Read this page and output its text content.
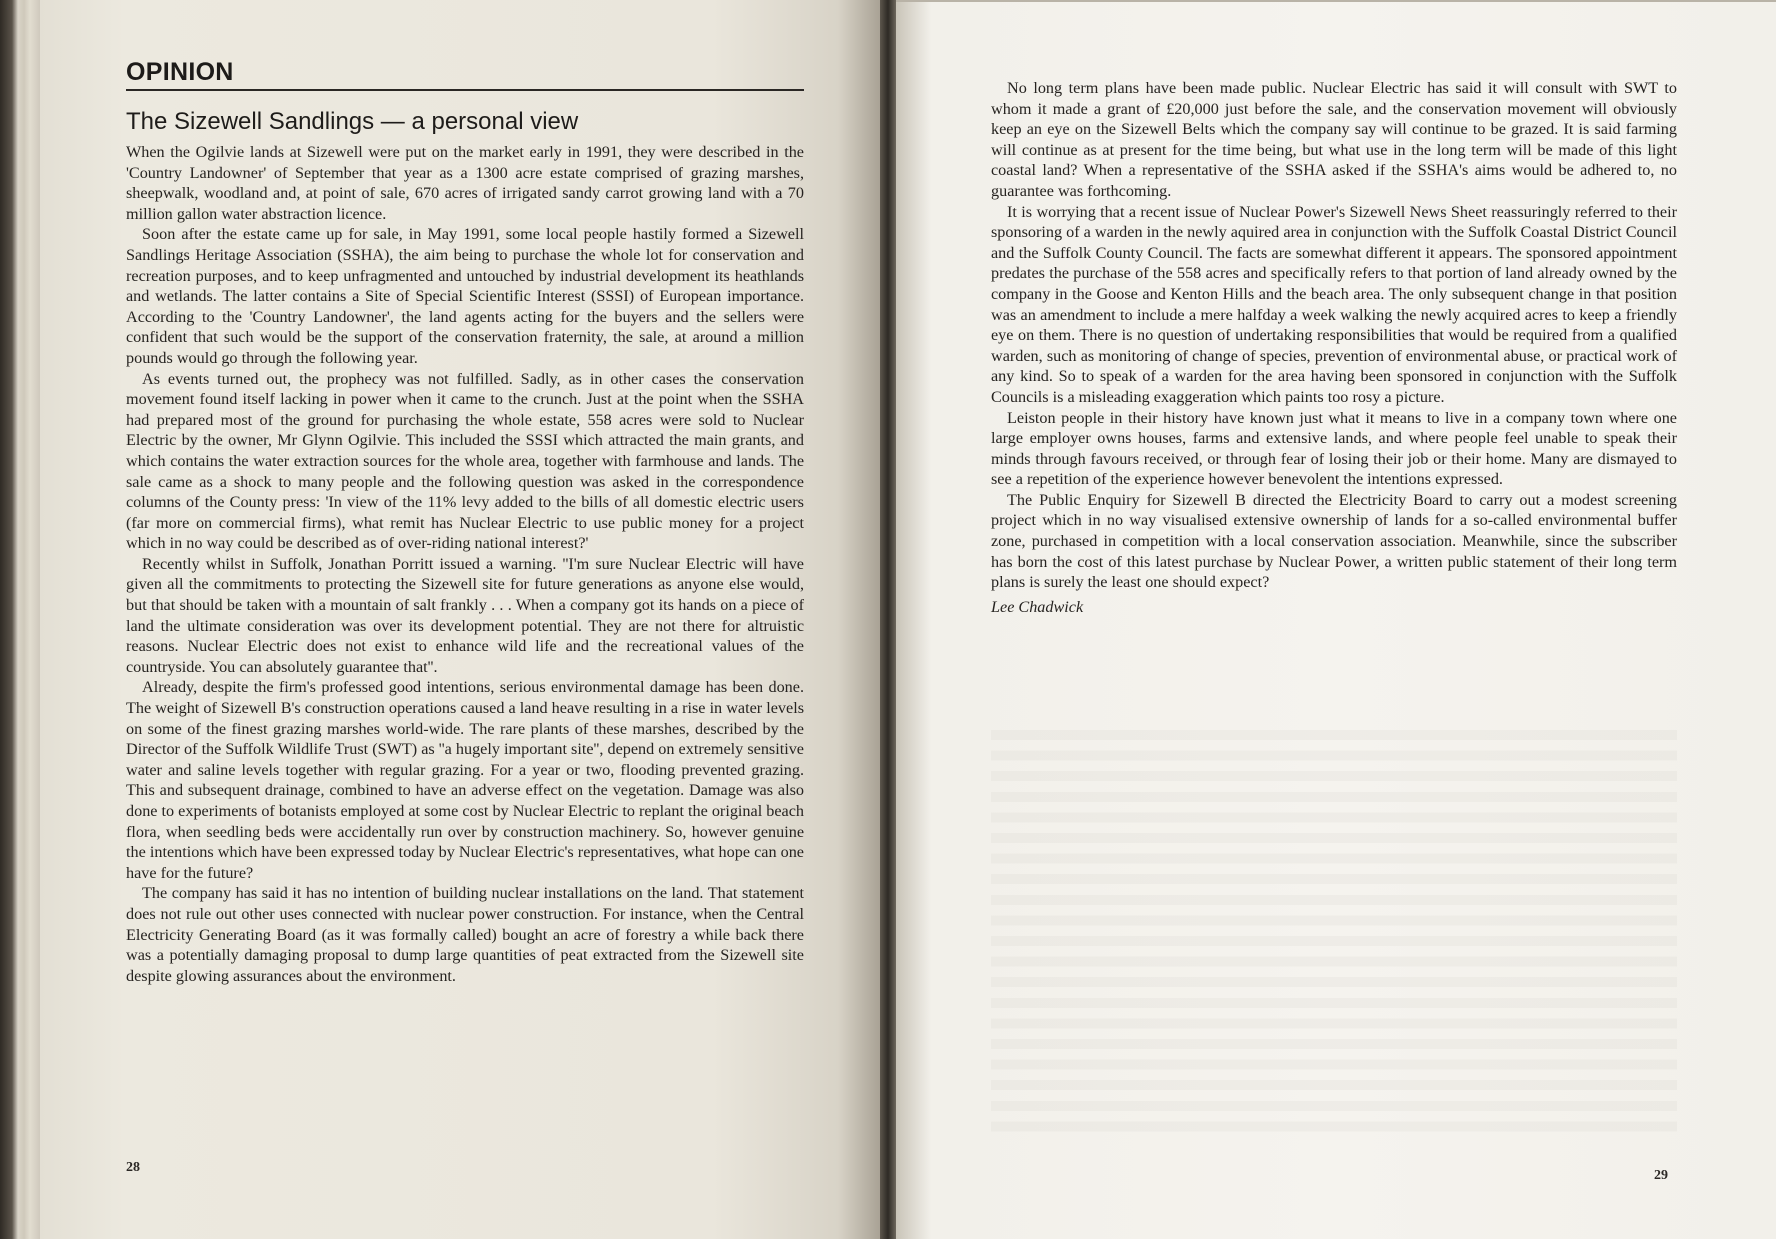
OPINION
The Sizewell Sandlings — a personal view

When the Ogilvie lands at Sizewell were put on the market early in 1991, they were described in the 'Country Landowner' of September that year as a 1300 acre estate comprised of grazing marshes, sheepwalk, woodland and, at point of sale, 670 acres of irrigated sandy carrot growing land with a 70 million gallon water abstraction licence.

Soon after the estate came up for sale, in May 1991, some local people hastily formed a Sizewell Sandlings Heritage Association (SSHA), the aim being to purchase the whole lot for conservation and recreation purposes, and to keep unfragmented and untouched by industrial development its heathlands and wetlands. The latter contains a Site of Special Scientific Interest (SSSI) of European importance. According to the 'Country Landowner', the land agents acting for the buyers and the sellers were confident that such would be the support of the conservation fraternity, the sale, at around a million pounds would go through the following year.

As events turned out, the prophecy was not fulfilled. Sadly, as in other cases the conservation movement found itself lacking in power when it came to the crunch. Just at the point when the SSHA had prepared most of the ground for purchasing the whole estate, 558 acres were sold to Nuclear Electric by the owner, Mr Glynn Ogilvie. This included the SSSI which attracted the main grants, and which contains the water extraction sources for the whole area, together with farmhouse and lands. The sale came as a shock to many people and the following question was asked in the correspondence columns of the County press: 'In view of the 11% levy added to the bills of all domestic electric users (far more on commercial firms), what remit has Nuclear Electric to use public money for a project which in no way could be described as of over-riding national interest?'

Recently whilst in Suffolk, Jonathan Porritt issued a warning. ''I'm sure Nuclear Electric will have given all the commitments to protecting the Sizewell site for future generations as anyone else would, but that should be taken with a mountain of salt frankly . . . When a company got its hands on a piece of land the ultimate consideration was over its development potential. They are not there for altruistic reasons. Nuclear Electric does not exist to enhance wild life and the recreational values of the countryside. You can absolutely guarantee that''.

Already, despite the firm's professed good intentions, serious environmental damage has been done. The weight of Sizewell B's construction operations caused a land heave resulting in a rise in water levels on some of the finest grazing marshes world-wide. The rare plants of these marshes, described by the Director of the Suffolk Wildlife Trust (SWT) as ''a hugely important site'', depend on extremely sensitive water and saline levels together with regular grazing. For a year or two, flooding prevented grazing. This and subsequent drainage, combined to have an adverse effect on the vegetation. Damage was also done to experiments of botanists employed at some cost by Nuclear Electric to replant the original beach flora, when seedling beds were accidentally run over by construction machinery. So, however genuine the intentions which have been expressed today by Nuclear Electric's representatives, what hope can one have for the future?

The company has said it has no intention of building nuclear installations on the land. That statement does not rule out other uses connected with nuclear power construction. For instance, when the Central Electricity Generating Board (as it was formally called) bought an acre of forestry a while back there was a potentially damaging proposal to dump large quantities of peat extracted from the Sizewell site despite glowing assurances about the environment.

28

No long term plans have been made public. Nuclear Electric has said it will consult with SWT to whom it made a grant of £20,000 just before the sale, and the conservation movement will obviously keep an eye on the Sizewell Belts which the company say will continue to be grazed. It is said farming will continue as at present for the time being, but what use in the long term will be made of this light coastal land? When a representative of the SSHA asked if the SSHA's aims would be adhered to, no guarantee was forthcoming.

It is worrying that a recent issue of Nuclear Power's Sizewell News Sheet reassuringly referred to their sponsoring of a warden in the newly aquired area in conjunction with the Suffolk Coastal District Council and the Suffolk County Council. The facts are somewhat different it appears. The sponsored appointment predates the purchase of the 558 acres and specifically refers to that portion of land already owned by the company in the Goose and Kenton Hills and the beach area. The only subsequent change in that position was an amendment to include a mere halfday a week walking the newly acquired acres to keep a friendly eye on them. There is no question of undertaking responsibilities that would be required from a qualified warden, such as monitoring of change of species, prevention of environmental abuse, or practical work of any kind. So to speak of a warden for the area having been sponsored in conjunction with the Suffolk Councils is a misleading exaggeration which paints too rosy a picture.

Leiston people in their history have known just what it means to live in a company town where one large employer owns houses, farms and extensive lands, and where people feel unable to speak their minds through favours received, or through fear of losing their job or their home. Many are dismayed to see a repetition of the experience however benevolent the intentions expressed.

The Public Enquiry for Sizewell B directed the Electricity Board to carry out a modest screening project which in no way visualised extensive ownership of lands for a so-called environmental buffer zone, purchased in competition with a local conservation association. Meanwhile, since the subscriber has born the cost of this latest purchase by Nuclear Power, a written public statement of their long term plans is surely the least one should expect?

Lee Chadwick

29
